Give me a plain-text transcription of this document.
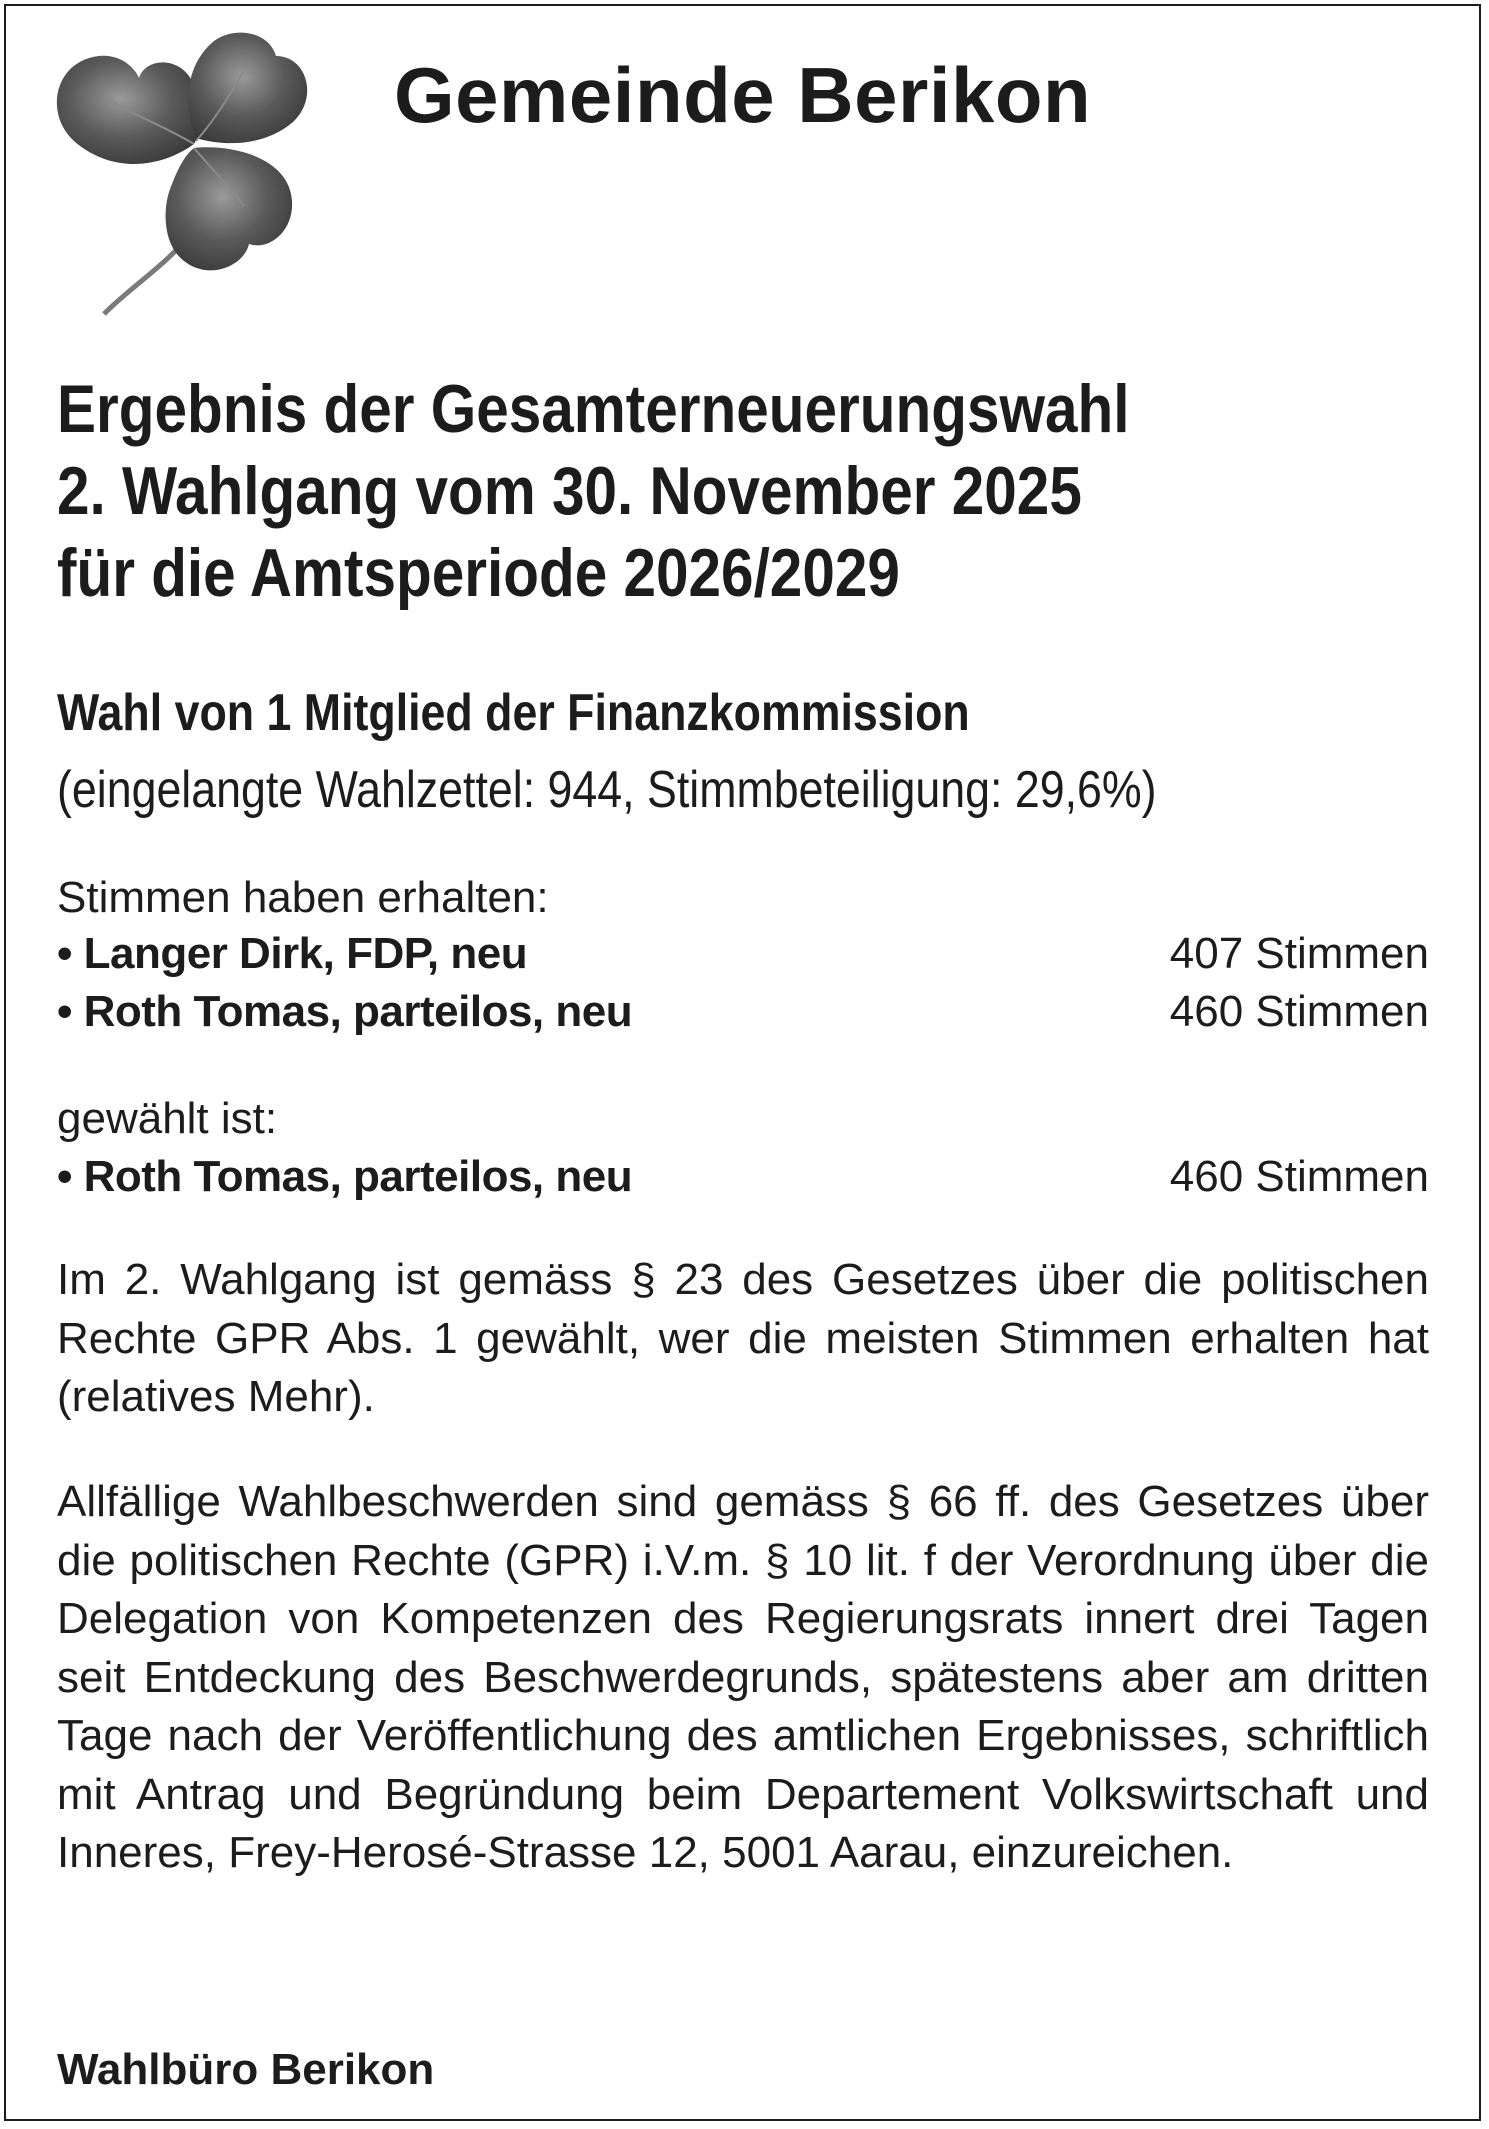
Gemeinde Berikon
Ergebnis der Gesamterneuerungswahl
2. Wahlgang vom 30. November 2025
für die Amtsperiode 2026/2029
Wahl von 1 Mitglied der Finanzkommission
(eingelangte Wahlzettel: 944, Stimmbeteiligung: 29,6%)
Stimmen haben erhalten:
• Langer Dirk, FDP, neu	407 Stimmen
• Roth Tomas, parteilos, neu	460 Stimmen
gewählt ist:
• Roth Tomas, parteilos, neu	460 Stimmen
Im 2. Wahlgang ist gemäss § 23 des Gesetzes über die politischen Rechte GPR Abs. 1 gewählt, wer die meisten Stimmen erhalten hat (relatives Mehr).
Allfällige Wahlbeschwerden sind gemäss § 66 ff. des Gesetzes über die politischen Rechte (GPR) i.V.m. § 10 lit. f der Verordnung über die Delegation von Kompetenzen des Regierungsrats innert drei Tagen seit Entdeckung des Beschwerdegrunds, spätestens aber am dritten Tage nach der Veröffentlichung des amtlichen Ergebnisses, schriftlich mit Antrag und Begründung beim Departement Volkswirtschaft und Inneres, Frey-Herosé-Strasse 12, 5001 Aarau, einzureichen.
Wahlbüro Berikon
